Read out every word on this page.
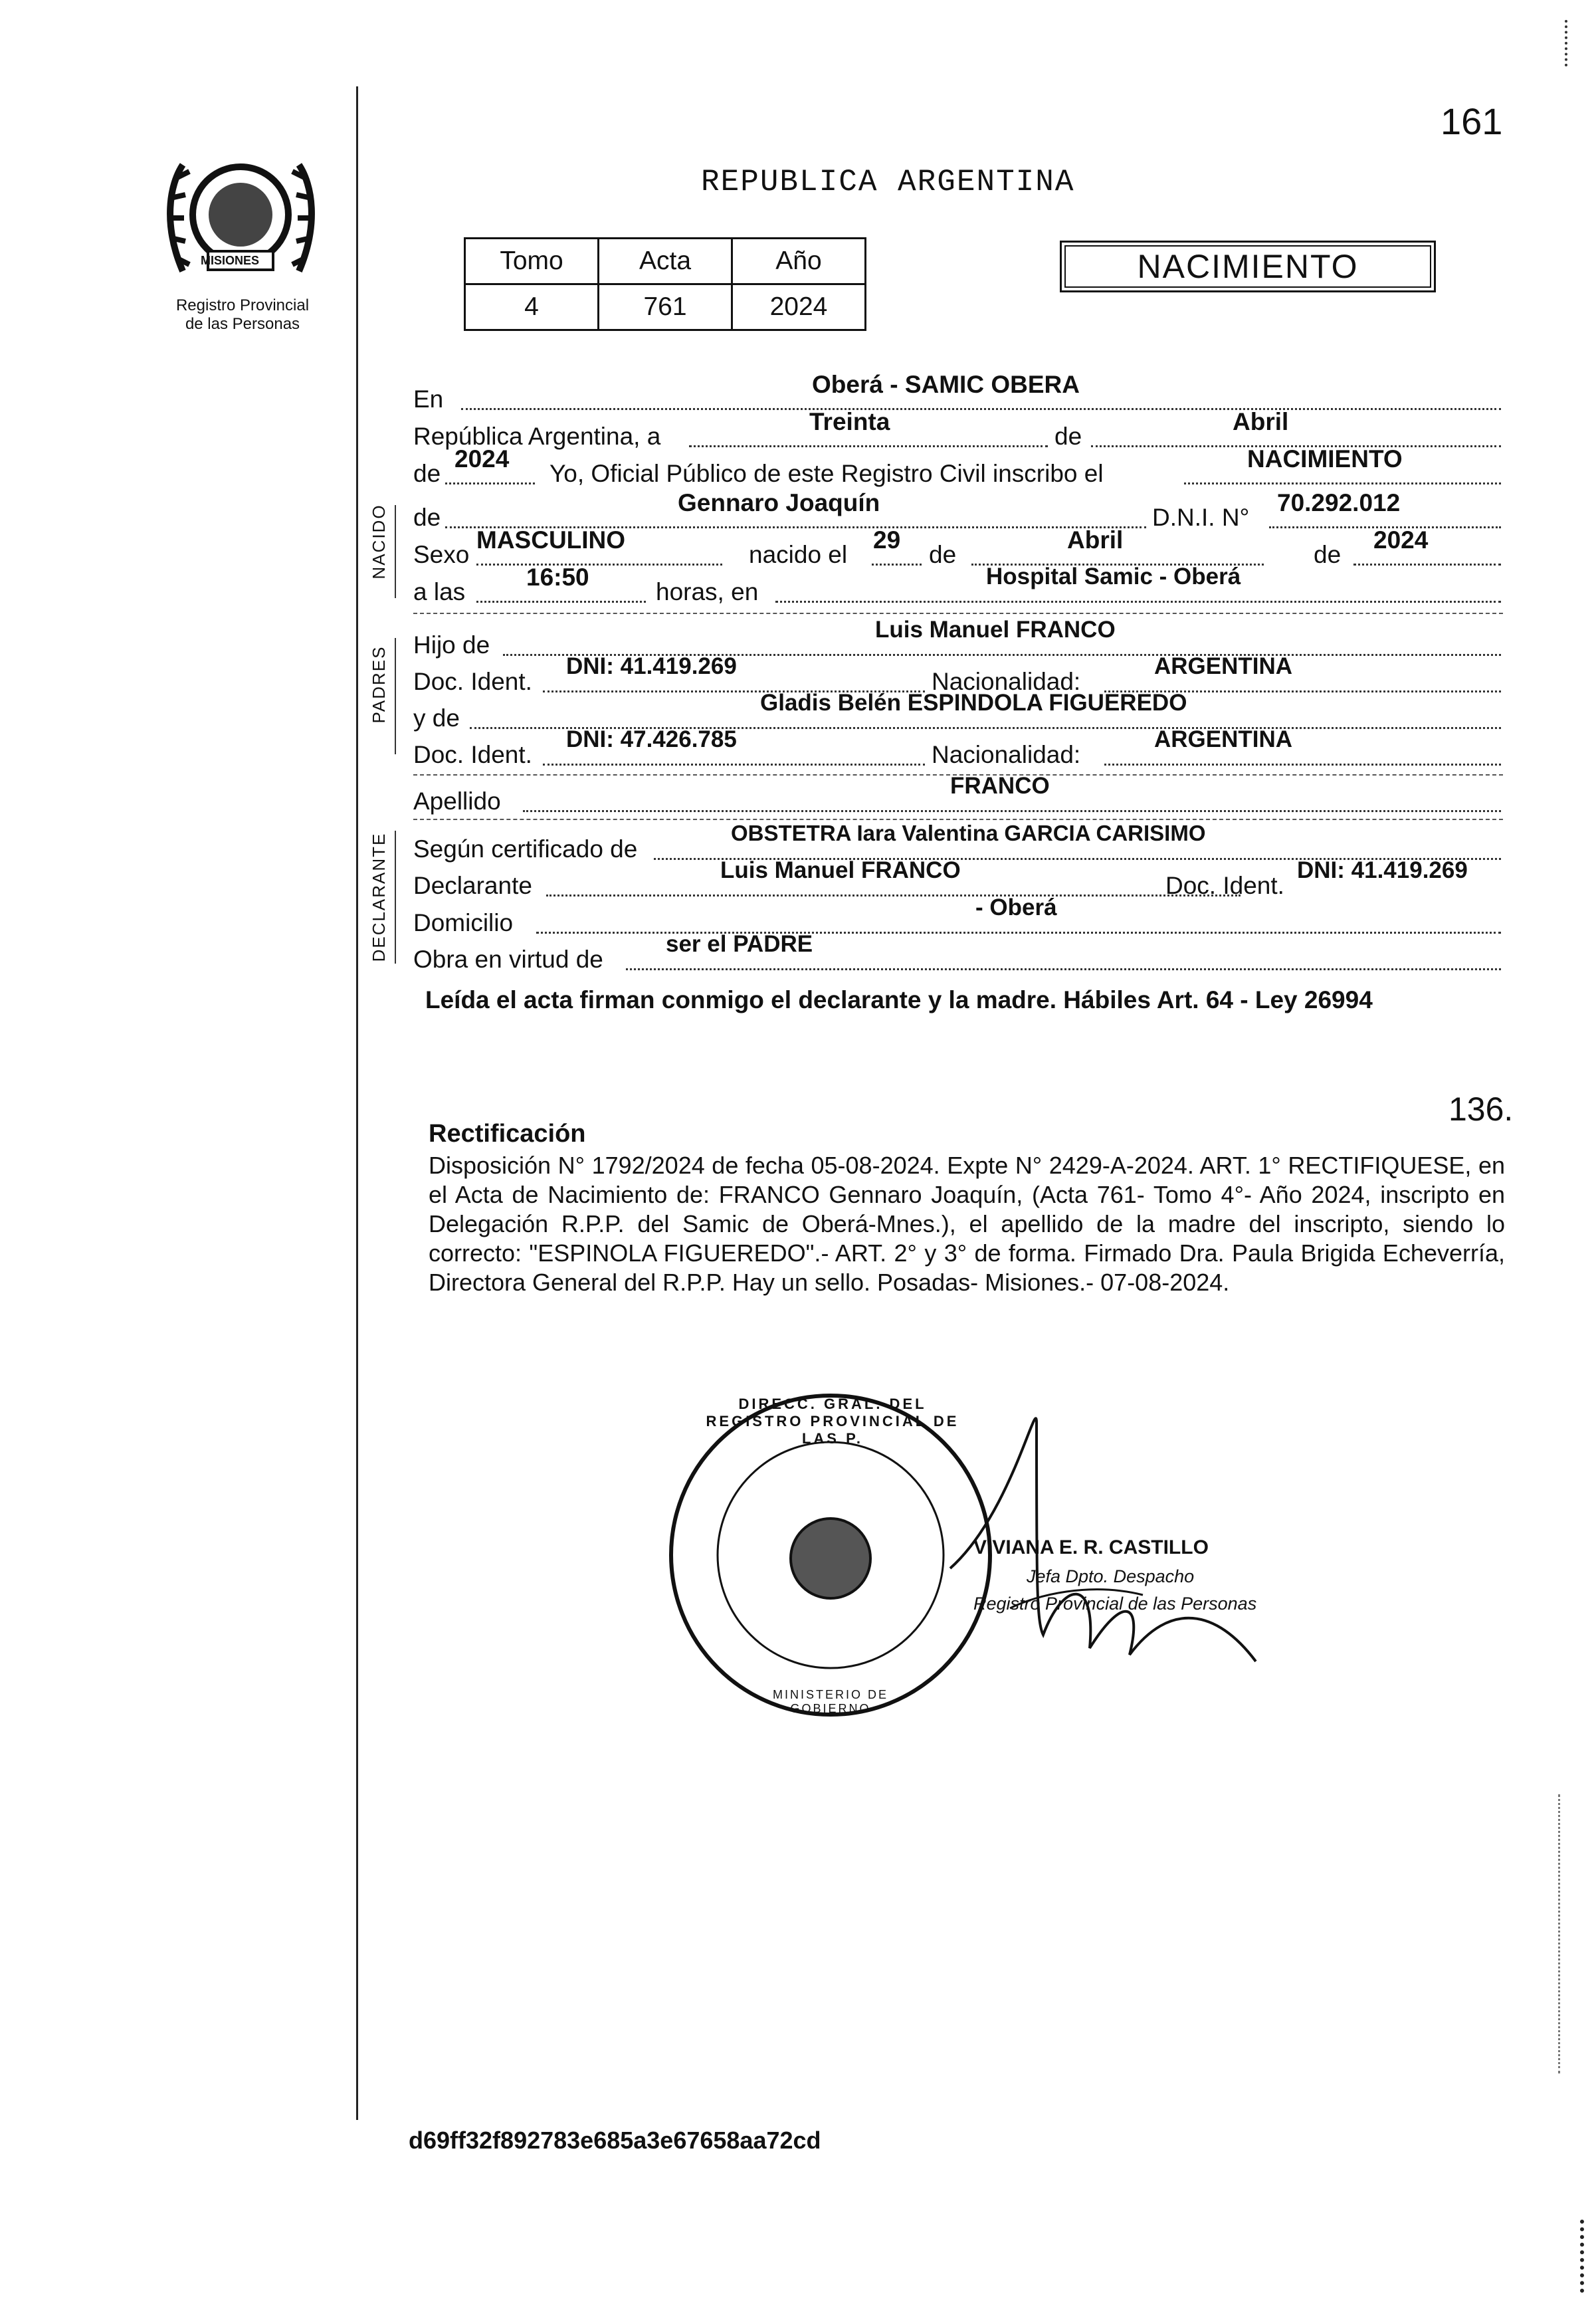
PROVINCIA DE
MISIONES
Registro Provincial
de las Personas
161
REPUBLICA ARGENTINA
Tomo	Acta	Año
4	761	2024
NACIMIENTO
NACIDO
PADRES
DECLARANTE
En
Oberá - SAMIC OBERA
República Argentina, a
Treinta
de
Abril
de
2024
Yo, Oficial Público de este Registro Civil inscribo el
NACIMIENTO
de
Gennaro Joaquín
D.N.I. N°
70.292.012
Sexo
MASCULINO
nacido el
29
de
Abril
de
2024
a las
16:50
horas, en
Hospital Samic - Oberá
Hijo de
Luis Manuel FRANCO
Doc. Ident.
DNI: 41.419.269
Nacionalidad:
ARGENTINA
y de
Gladis Belén ESPINDOLA FIGUEREDO
Doc. Ident.
DNI: 47.426.785
Nacionalidad:
ARGENTINA
Apellido
FRANCO
Según certificado de
OBSTETRA Iara Valentina GARCIA CARISIMO
Declarante
Luis Manuel FRANCO
Doc. Ident.
DNI: 41.419.269
Domicilio
- Oberá
Obra en virtud de
ser el PADRE
Leída el acta firman conmigo el declarante y la madre. Hábiles Art. 64 - Ley 26994
136.
Rectificación
Disposición N° 1792/2024 de fecha 05-08-2024. Expte N° 2429-A-2024. ART. 1° RECTIFIQUESE, en el Acta de Nacimiento de: FRANCO Gennaro Joaquín, (Acta 761- Tomo 4°- Año 2024, inscripto en Delegación R.P.P. del Samic de Oberá-Mnes.), el apellido de la madre del inscripto, siendo lo correcto: "ESPINOLA FIGUEREDO".- ART. 2° y 3° de forma. Firmado Dra. Paula Brigida Echeverría, Directora General del R.P.P. Hay un sello. Posadas- Misiones.- 07-08-2024.
DIRECC. GRAL. DEL REGISTRO PROVINCIAL DE LAS P.
MINISTERIO DE GOBIERNO
VIVIANA E. R. CASTILLO
Jefa Dpto. Despacho
Registro Provincial de las Personas
d69ff32f892783e685a3e67658aa72cd
